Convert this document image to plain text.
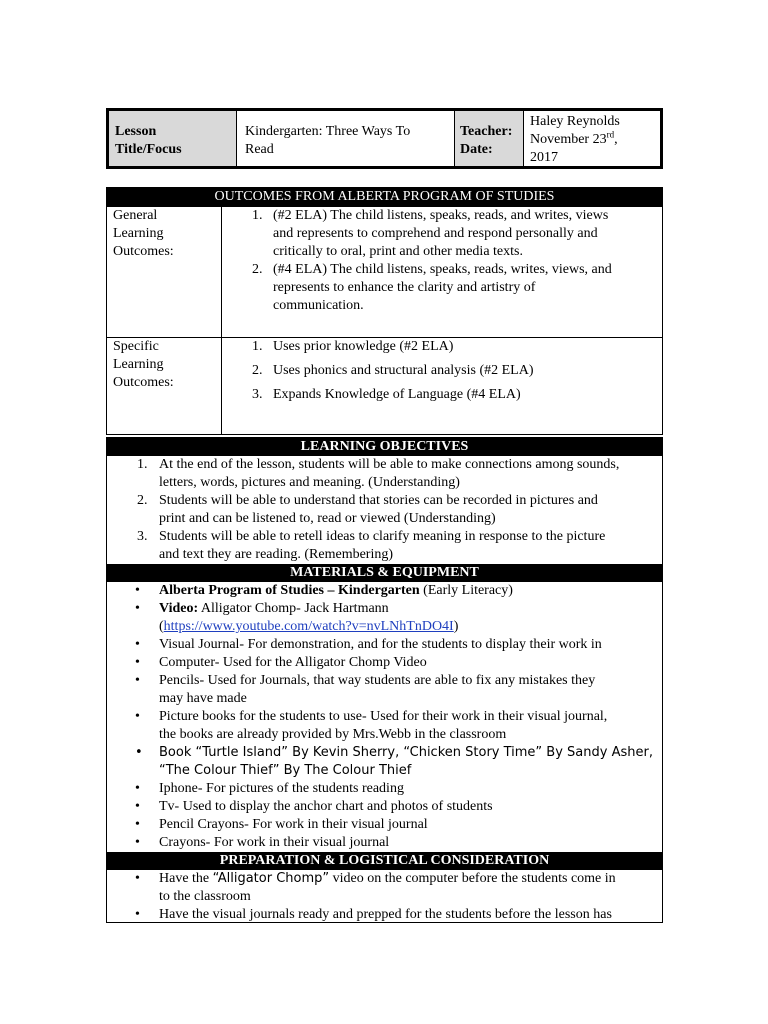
Lesson
Title/Focus
Kindergarten: Three Ways To
Read
Teacher:
Date:
Haley Reynolds
November 23rd,
2017
OUTCOMES FROM ALBERTA PROGRAM OF STUDIES
General
Learning
Outcomes:
1. (#2 ELA) The child listens, speaks, reads, and writes, views
and represents to comprehend and respond personally and
critically to oral, print and other media texts.
2. (#4 ELA) The child listens, speaks, reads, writes, views, and
represents to enhance the clarity and artistry of
communication.
Specific
Learning
Outcomes:
1. Uses prior knowledge (#2 ELA)
2. Uses phonics and structural analysis (#2 ELA)
3. Expands Knowledge of Language (#4 ELA)
LEARNING OBJECTIVES
1. At the end of the lesson, students will be able to make connections among sounds,
letters, words, pictures and meaning. (Understanding)
2. Students will be able to understand that stories can be recorded in pictures and
print and can be listened to, read or viewed (Understanding)
3. Students will be able to retell ideas to clarify meaning in response to the picture
and text they are reading. (Remembering)
MATERIALS & EQUIPMENT
• Alberta Program of Studies – Kindergarten (Early Literacy)
• Video: Alligator Chomp- Jack Hartmann
(https://www.youtube.com/watch?v=nvLNhTnDO4I)
• Visual Journal- For demonstration, and for the students to display their work in
• Computer- Used for the Alligator Chomp Video
• Pencils- Used for Journals, that way students are able to fix any mistakes they
may have made
• Picture books for the students to use- Used for their work in their visual journal,
the books are already provided by Mrs.Webb in the classroom
• Book “Turtle Island” By Kevin Sherry, “Chicken Story Time” By Sandy Asher,
“The Colour Thief” By The Colour Thief
• Iphone- For pictures of the students reading
• Tv- Used to display the anchor chart and photos of students
• Pencil Crayons- For work in their visual journal
• Crayons- For work in their visual journal
PREPARATION & LOGISTICAL CONSIDERATION
• Have the “Alligator Chomp” video on the computer before the students come in
to the classroom
• Have the visual journals ready and prepped for the students before the lesson has
